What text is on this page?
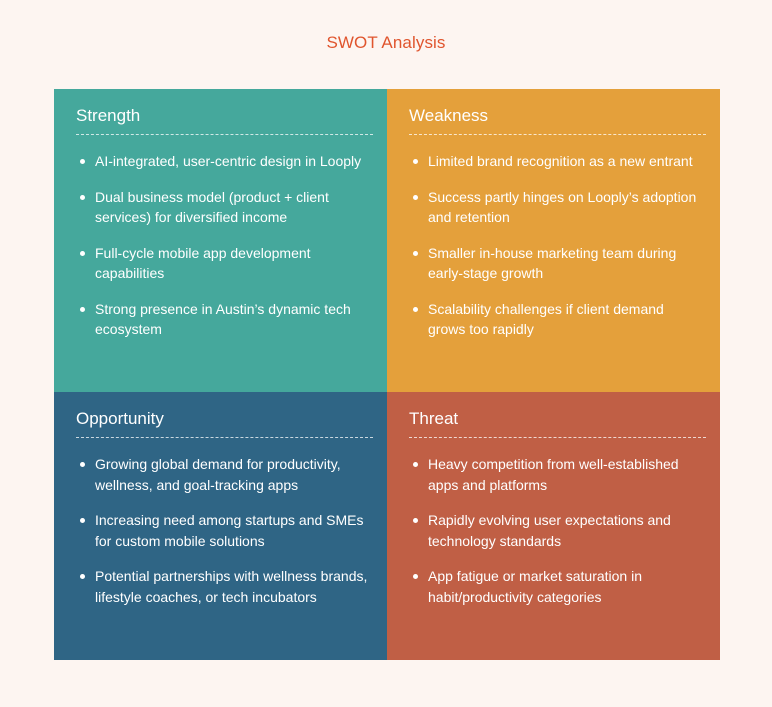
SWOT Analysis
Strength
AI-integrated, user-centric design in Looply
Dual business model (product + client services) for diversified income
Full-cycle mobile app development capabilities
Strong presence in Austin’s dynamic tech ecosystem
Weakness
Limited brand recognition as a new entrant
Success partly hinges on Looply’s adoption and retention
Smaller in-house marketing team during early-stage growth
Scalability challenges if client demand grows too rapidly
Opportunity
Growing global demand for productivity, wellness, and goal-tracking apps
Increasing need among startups and SMEs for custom mobile solutions
Potential partnerships with wellness brands, lifestyle coaches, or tech incubators
Threat
Heavy competition from well-established apps and platforms
Rapidly evolving user expectations and technology standards
App fatigue or market saturation in habit/productivity categories
